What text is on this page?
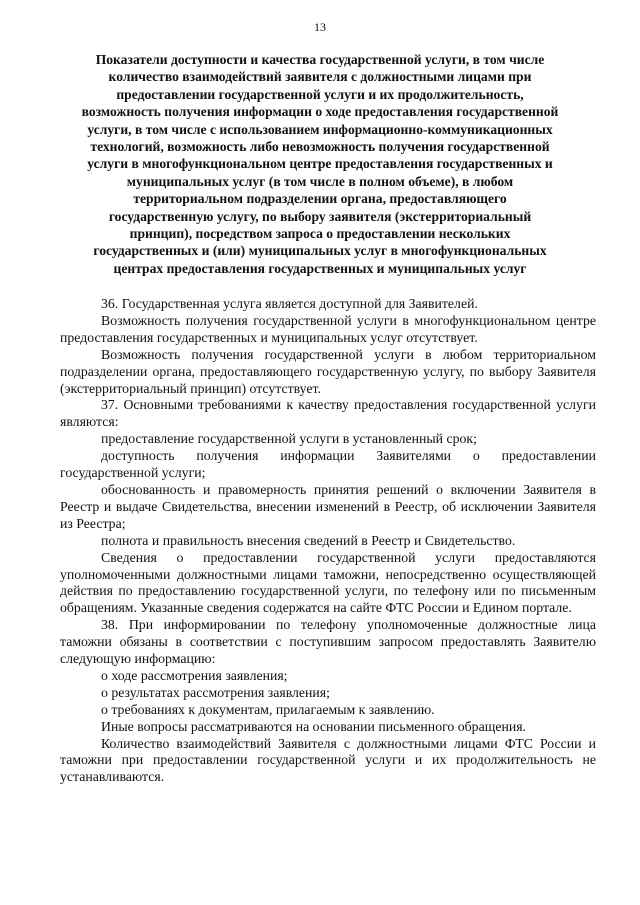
13
Показатели доступности и качества государственной услуги, в том числе
количество взаимодействий заявителя с должностными лицами при
предоставлении государственной услуги и их продолжительность,
возможность получения информации о ходе предоставления государственной
услуги, в том числе с использованием информационно-коммуникационных
технологий, возможность либо невозможность получения государственной
услуги в многофункциональном центре предоставления государственных и
муниципальных услуг (в том числе в полном объеме), в любом
территориальном подразделении органа, предоставляющего
государственную услугу, по выбору заявителя (экстерриториальный
принцип), посредством запроса о предоставлении нескольких
государственных и (или) муниципальных услуг в многофункциональных
центрах предоставления государственных и муниципальных услуг

36. Государственная услуга является доступной для Заявителей.

Возможность получения государственной услуги в многофункциональном центре предоставления государственных и муниципальных услуг отсутствует.

Возможность получения государственной услуги в любом территориальном подразделении органа, предоставляющего государственную услугу, по выбору Заявителя (экстерриториальный принцип) отсутствует.

37. Основными требованиями к качеству предоставления государственной услуги являются:

предоставление государственной услуги в установленный срок;

доступность получения информации Заявителями о предоставлении государственной услуги;

обоснованность и правомерность принятия решений о включении Заявителя в Реестр и выдаче Свидетельства, внесении изменений в Реестр, об исключении Заявителя из Реестра;

полнота и правильность внесения сведений в Реестр и Свидетельство.

Сведения о предоставлении государственной услуги предоставляются уполномоченными должностными лицами таможни, непосредственно осуществляющей действия по предоставлению государственной услуги, по телефону или по письменным обращениям. Указанные сведения содержатся на сайте ФТС России и Едином портале.

38. При информировании по телефону уполномоченные должностные лица таможни обязаны в соответствии с поступившим запросом предоставлять Заявителю следующую информацию:

о ходе рассмотрения заявления;

о результатах рассмотрения заявления;

о требованиях к документам, прилагаемым к заявлению.

Иные вопросы рассматриваются на основании письменного обращения.

Количество взаимодействий Заявителя с должностными лицами ФТС России и таможни при предоставлении государственной услуги и их продолжительность не устанавливаются.
